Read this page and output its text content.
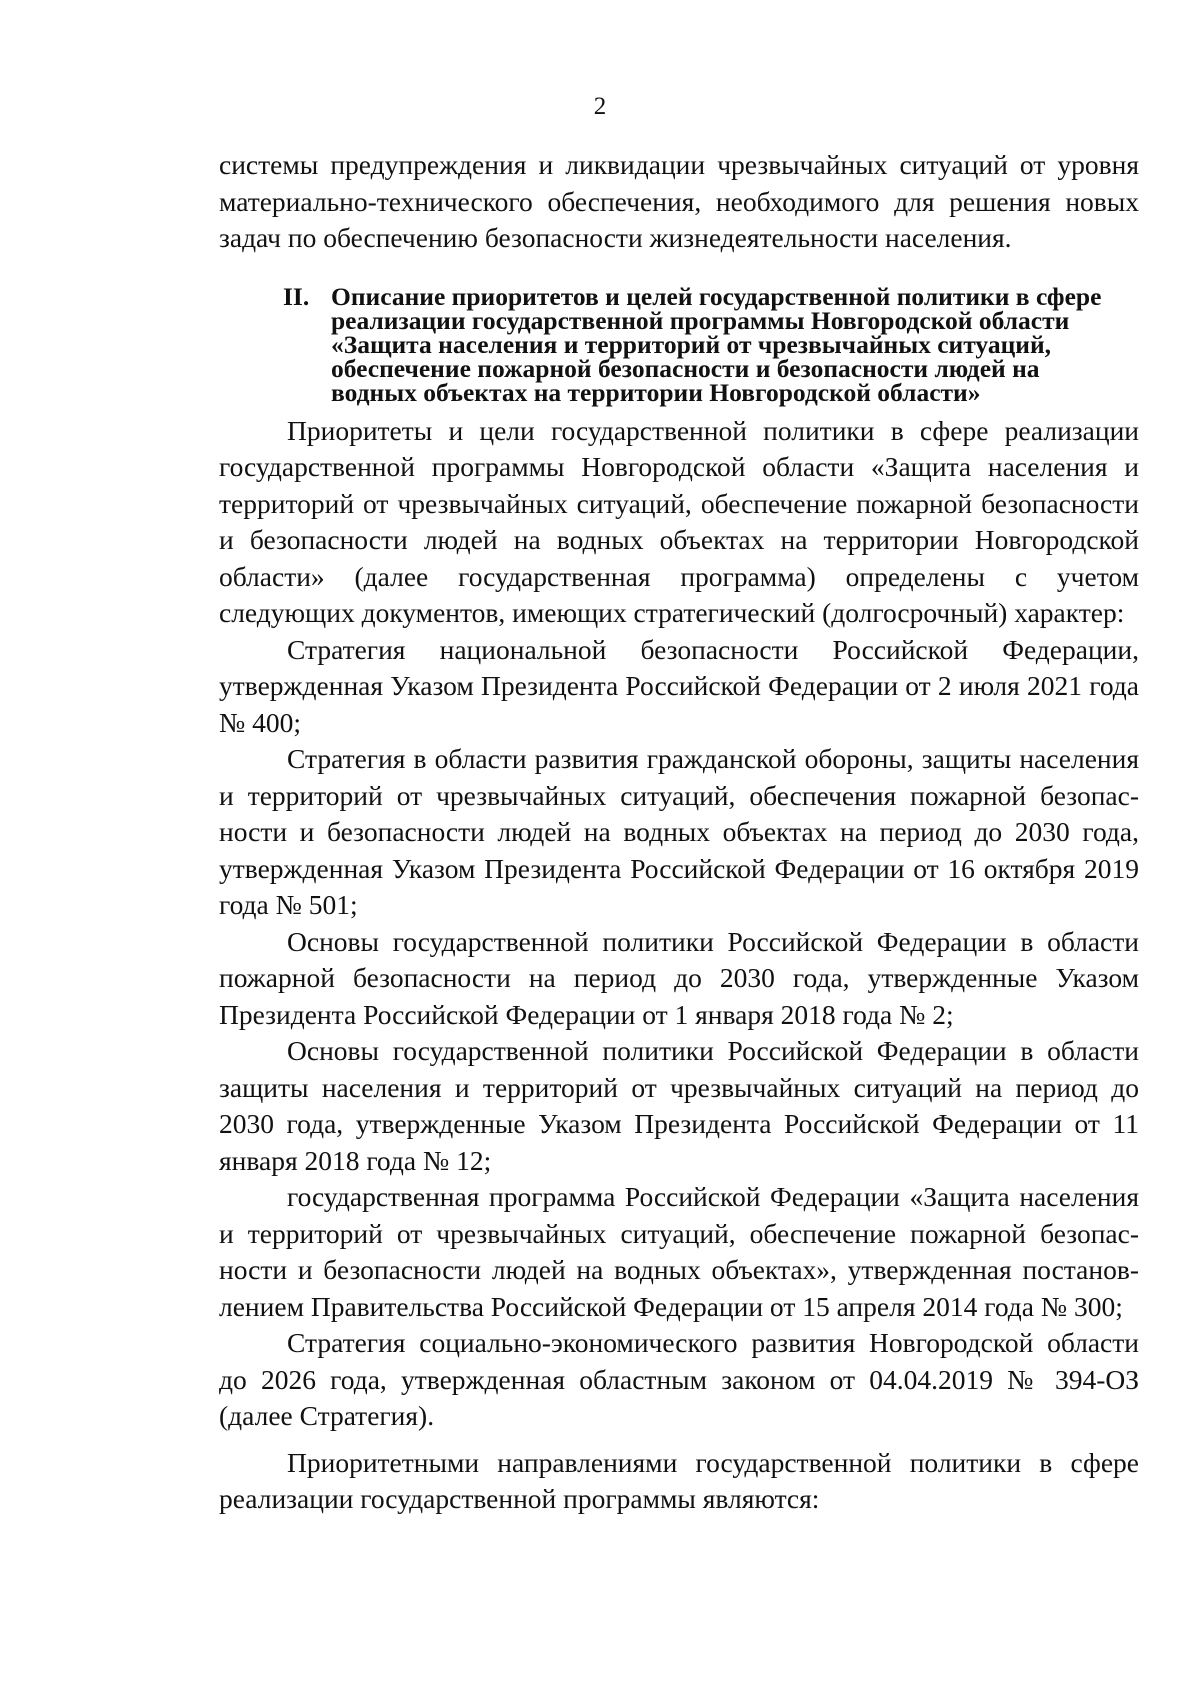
2

системы предупреждения и ликвидации чрезвычайных ситуаций от уровня материально-технического обеспечения, необходимого для решения новых задач по обеспечению безопасности жизнедеятельности населения.

II. Описание приоритетов и целей государственной политики в сфере реализации государственной программы Новгородской области «Защита населения и территорий от чрезвычайных ситуаций, обеспечение пожарной безопасности и безопасности людей на водных объектах на территории Новгородской области»

Приоритеты и цели государственной политики в сфере реализации государственной программы Новгородской области «Защита населения и территорий от чрезвычайных ситуаций, обеспечение пожарной безопасности и безопасности людей на водных объектах на территории Новгородской области» (далее государственная программа) определены с учетом следующих документов, имеющих стратегический (долгосрочный) характер:

Стратегия национальной безопасности Российской Федерации, утвержденная Указом Президента Российской Федерации от 2 июля 2021 года № 400;

Стратегия в области развития гражданской обороны, защиты населения и территорий от чрезвычайных ситуаций, обеспечения пожарной безопасности и безопасности людей на водных объектах на период до 2030 года, утвержденная Указом Президента Российской Федерации от 16 октября 2019 года № 501;

Основы государственной политики Российской Федерации в области пожарной безопасности на период до 2030 года, утвержденные Указом Президента Российской Федерации от 1 января 2018 года № 2;

Основы государственной политики Российской Федерации в области защиты населения и территорий от чрезвычайных ситуаций на период до 2030 года, утвержденные Указом Президента Российской Федерации от 11 января 2018 года № 12;

государственная программа Российской Федерации «Защита населения и территорий от чрезвычайных ситуаций, обеспечение пожарной безопасности и безопасности людей на водных объектах», утвержденная постановлением Правительства Российской Федерации от 15 апреля 2014 года № 300;

Стратегия социально-экономического развития Новгородской области до 2026 года, утвержденная областным законом от 04.04.2019 № 394-ОЗ (далее Стратегия).

Приоритетными направлениями государственной политики в сфере реализации государственной программы являются:
